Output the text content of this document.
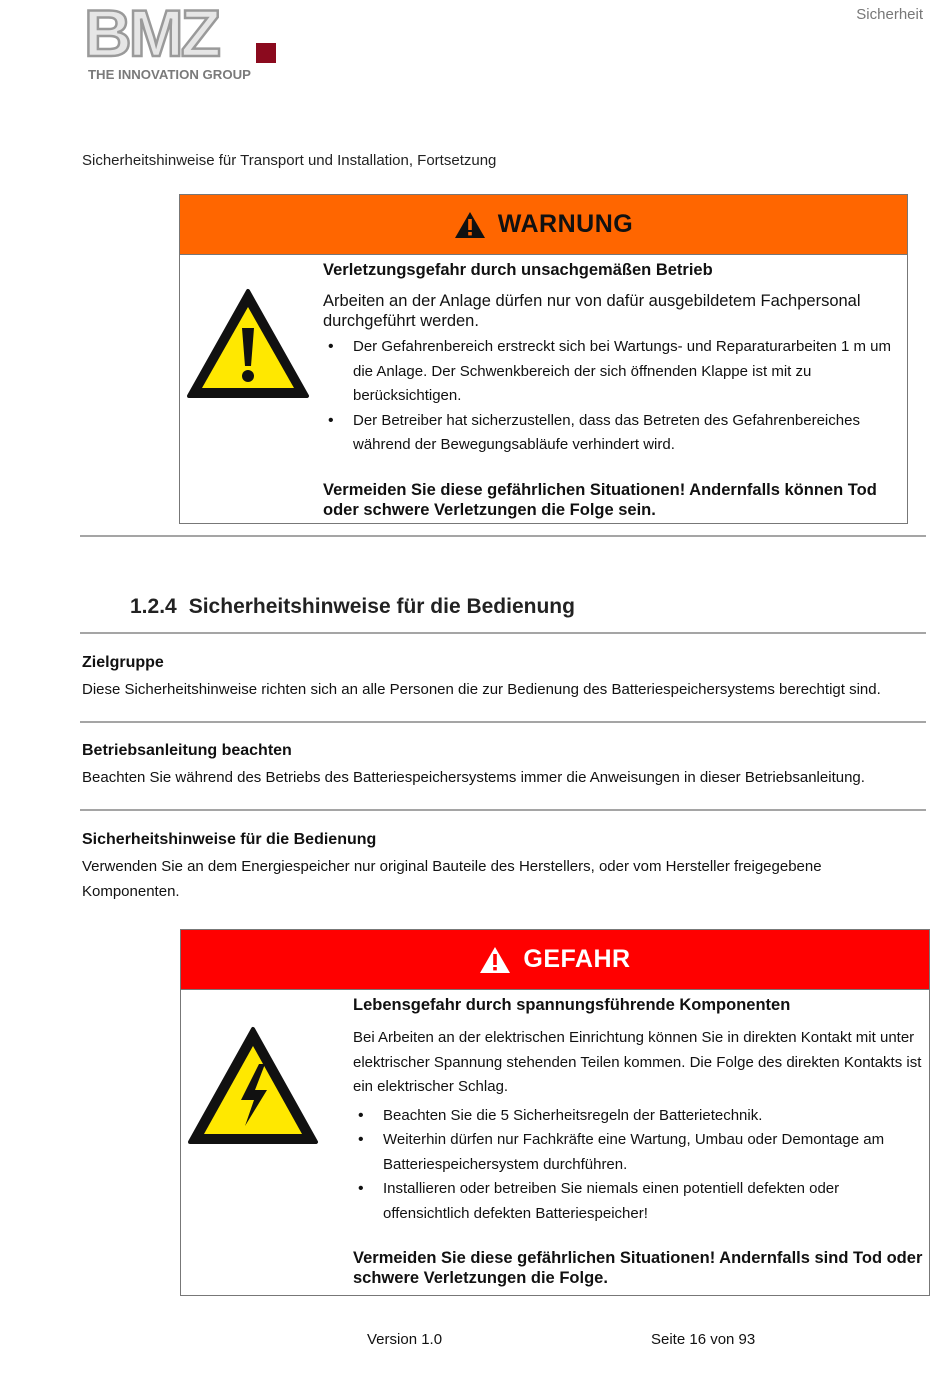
BMZ
THE INNOVATION GROUP
Sicherheit
Sicherheitshinweise für Transport und Installation, Fortsetzung
WARNUNG

Verletzungsgefahr durch unsachgemäßen Betrieb

Arbeiten an der Anlage dürfen nur von dafür ausgebildetem Fachpersonal durchgeführt werden.

• Der Gefahrenbereich erstreckt sich bei Wartungs- und Reparaturarbeiten 1 m um die Anlage. Der Schwenkbereich der sich öffnenden Klappe ist mit zu berücksichtigen.
• Der Betreiber hat sicherzustellen, dass das Betreten des Gefahrenbereiches während der Bewegungsabläufe verhindert wird.

Vermeiden Sie diese gefährlichen Situationen! Andernfalls können Tod oder schwere Verletzungen die Folge sein.

1.2.4 Sicherheitshinweise für die Bedienung
Zielgruppe
Diese Sicherheitshinweise richten sich an alle Personen die zur Bedienung des Batteriespeichersystems berechtigt sind.
Betriebsanleitung beachten
Beachten Sie während des Betriebs des Batteriespeichersystems immer die Anweisungen in dieser Betriebsanleitung.
Sicherheitshinweise für die Bedienung
Verwenden Sie an dem Energiespeicher nur original Bauteile des Herstellers, oder vom Hersteller freigegebene Komponenten.
GEFAHR

Lebensgefahr durch spannungsführende Komponenten

Bei Arbeiten an der elektrischen Einrichtung können Sie in direkten Kontakt mit unter elektrischer Spannung stehenden Teilen kommen. Die Folge des direkten Kontakts ist ein elektrischer Schlag.

• Beachten Sie die 5 Sicherheitsregeln der Batterietechnik.
• Weiterhin dürfen nur Fachkräfte eine Wartung, Umbau oder Demontage am Batteriespeichersystem durchführen.
• Installieren oder betreiben Sie niemals einen potentiell defekten oder offensichtlich defekten Batteriespeicher!

Vermeiden Sie diese gefährlichen Situationen! Andernfalls sind Tod oder schwere Verletzungen die Folge.

Version 1.0	Seite 16 von 93
